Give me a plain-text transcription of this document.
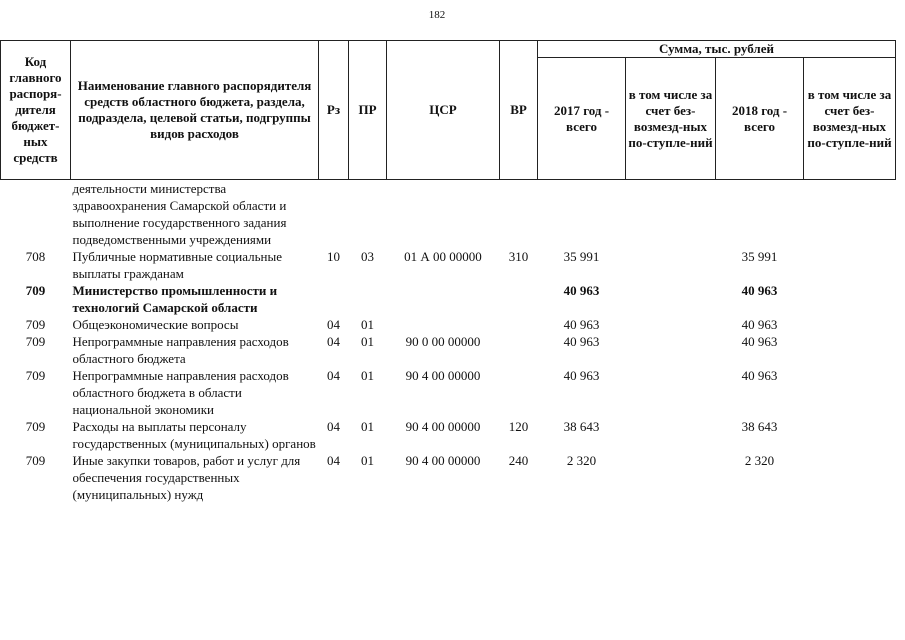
182
Код главного распоря-дителя бюджет-ных средств	Наименование главного распорядителя средств областного бюджета, раздела, подраздела, целевой статьи, подгруппы видов расходов	Рз	ПР	ЦСР	ВР	Сумма, тыс. рублей			
						2017 год - всего	в том числе за счет без-возмезд-ных по-ступле-ний	2018 год - всего	в том числе за счет без-возмезд-ных по-ступле-ний
	деятельности министерства здравоохранения Самарской области и выполнение государственного задания подведомственными учреждениями								
708	Публичные нормативные социальные выплаты гражданам	10	03	01 А 00 00000	310	35 991		35 991	
709	Министерство промышленности и технологий Самарской области					40 963		40 963	
709	Общеэкономические вопросы	04	01			40 963		40 963	
709	Непрограммные направления расходов областного бюджета	04	01	90 0 00 00000		40 963		40 963	
709	Непрограммные направления расходов областного бюджета в области национальной экономики	04	01	90 4 00 00000		40 963		40 963	
709	Расходы на выплаты персоналу государственных (муниципальных) органов	04	01	90 4 00 00000	120	38 643		38 643	
709	Иные закупки товаров, работ и услуг для обеспечения государственных (муниципальных) нужд	04	01	90 4 00 00000	240	2 320		2 320	
